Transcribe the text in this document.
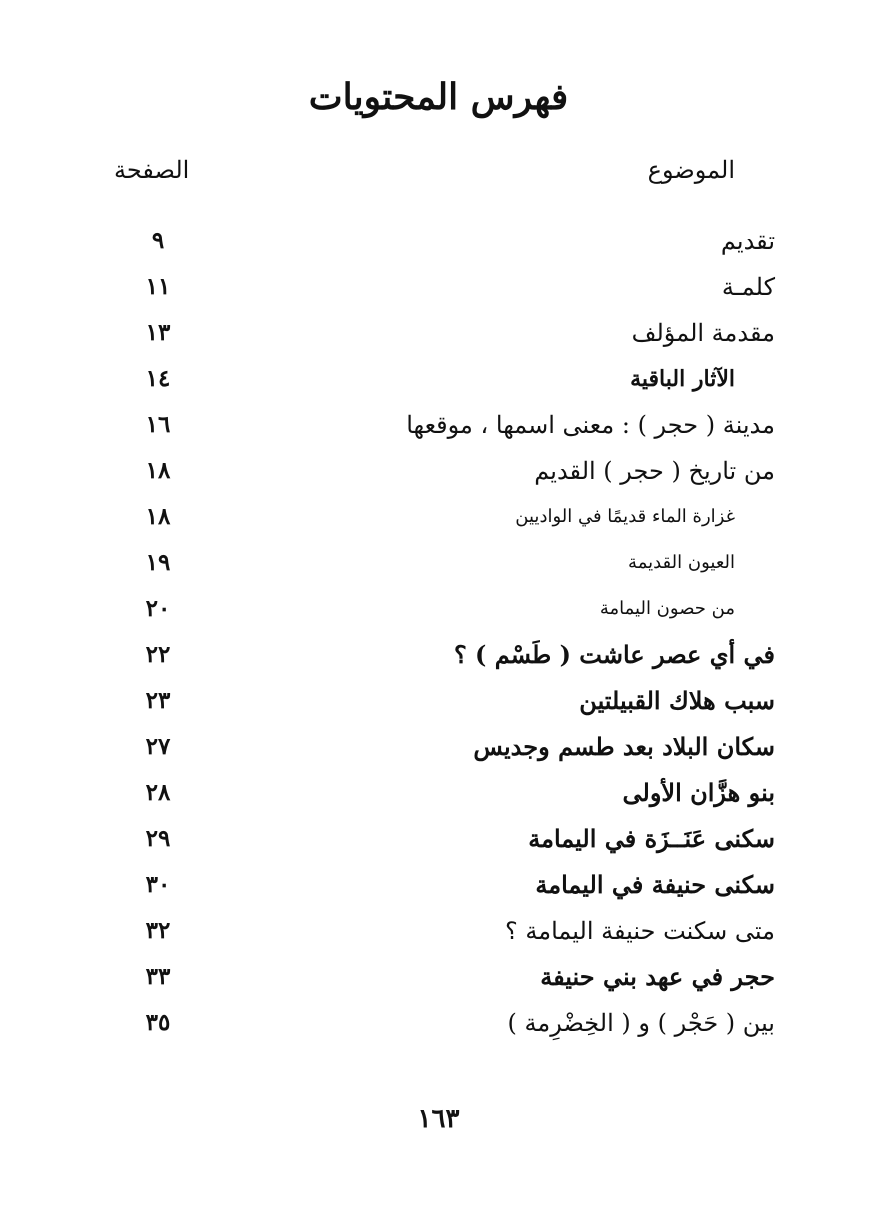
فهرس المحتويات
الموضوع
الصفحة
تقديم
٩
كلمـة
١١
مقدمة المؤلف
١٣
الآثار الباقية
١٤
مدينة ( حجر ) : معنى اسمها ، موقعها
١٦
من تاريخ ( حجر ) القديم
١٨
غزارة الماء قديمًا في الواديين
١٨
العيون القديمة
١٩
من حصون اليمامة
٢٠
في أي عصر عاشت ( طَسْم ) ؟
٢٢
سبب هلاك القبيلتين
٢٣
سكان البلاد بعد طسم وجديس
٢٧
بنو هزَّان الأولى
٢٨
سكنى عَنَــزَة في اليمامة
٢٩
سكنى حنيفة في اليمامة
٣٠
متى سكنت حنيفة اليمامة ؟
٣٢
حجر في عهد بني حنيفة
٣٣
بين ( حَجْر ) و ( الخِضْرِمة )
٣٥
١٦٣
